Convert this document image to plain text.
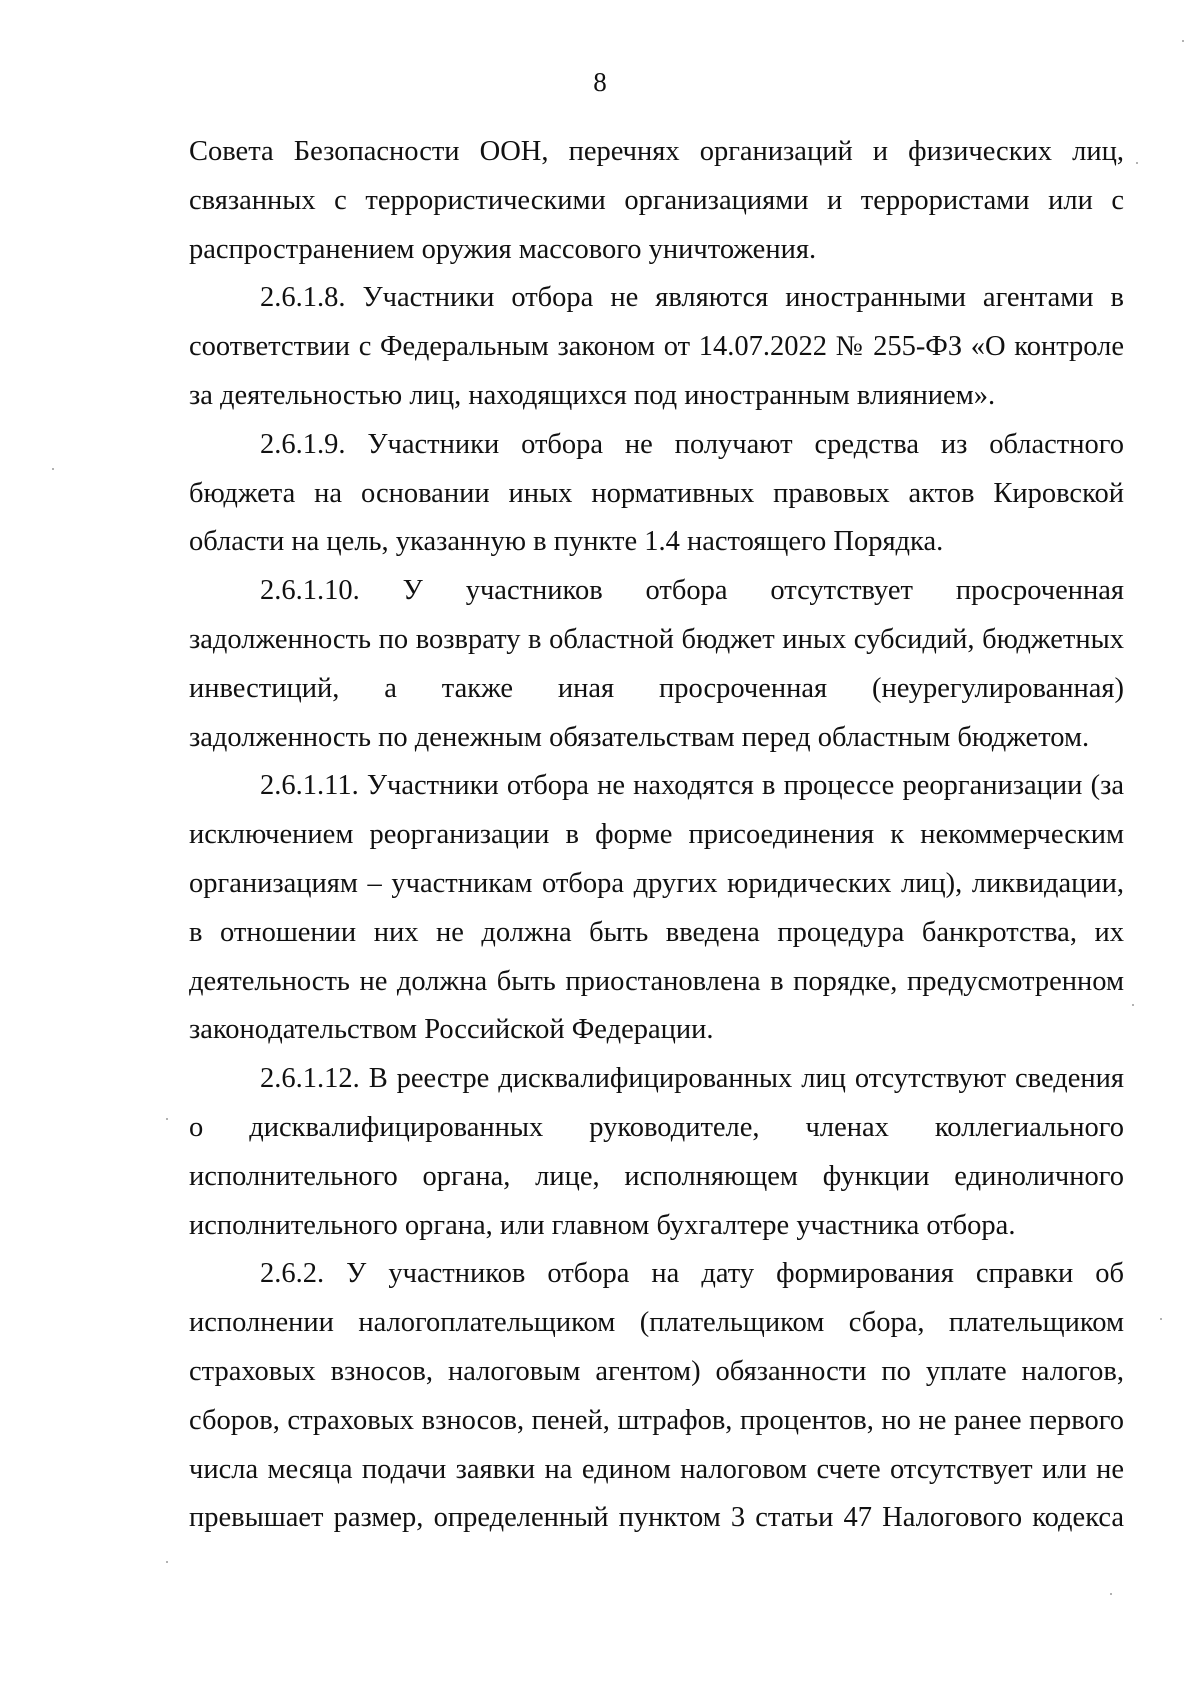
8

Совета Безопасности ООН, перечнях организаций и физических лиц, связанных с террористическими организациями и террористами или с распространением оружия массового уничтожения.

2.6.1.8. Участники отбора не являются иностранными агентами в соответствии с Федеральным законом от 14.07.2022 № 255-ФЗ «О контроле за деятельностью лиц, находящихся под иностранным влиянием».

2.6.1.9. Участники отбора не получают средства из областного бюджета на основании иных нормативных правовых актов Кировской области на цель, указанную в пункте 1.4 настоящего Порядка.

2.6.1.10. У участников отбора отсутствует просроченная задолженность по возврату в областной бюджет иных субсидий, бюджетных инвестиций, а также иная просроченная (неурегулированная) задолженность по денежным обязательствам перед областным бюджетом.

2.6.1.11. Участники отбора не находятся в процессе реорганизации (за исключением реорганизации в форме присоединения к некоммерческим организациям – участникам отбора других юридических лиц), ликвидации, в отношении них не должна быть введена процедура банкротства, их деятельность не должна быть приостановлена в порядке, предусмотренном законодательством Российской Федерации.

2.6.1.12. В реестре дисквалифицированных лиц отсутствуют сведения о дисквалифицированных руководителе, членах коллегиального исполнительного органа, лице, исполняющем функции единоличного исполнительного органа, или главном бухгалтере участника отбора.

2.6.2. У участников отбора на дату формирования справки об исполнении налогоплательщиком (плательщиком сбора, плательщиком страховых взносов, налоговым агентом) обязанности по уплате налогов, сборов, страховых взносов, пеней, штрафов, процентов, но не ранее первого числа месяца подачи заявки на едином налоговом счете отсутствует или не превышает размер, определенный пунктом 3 статьи 47 Налогового кодекса
